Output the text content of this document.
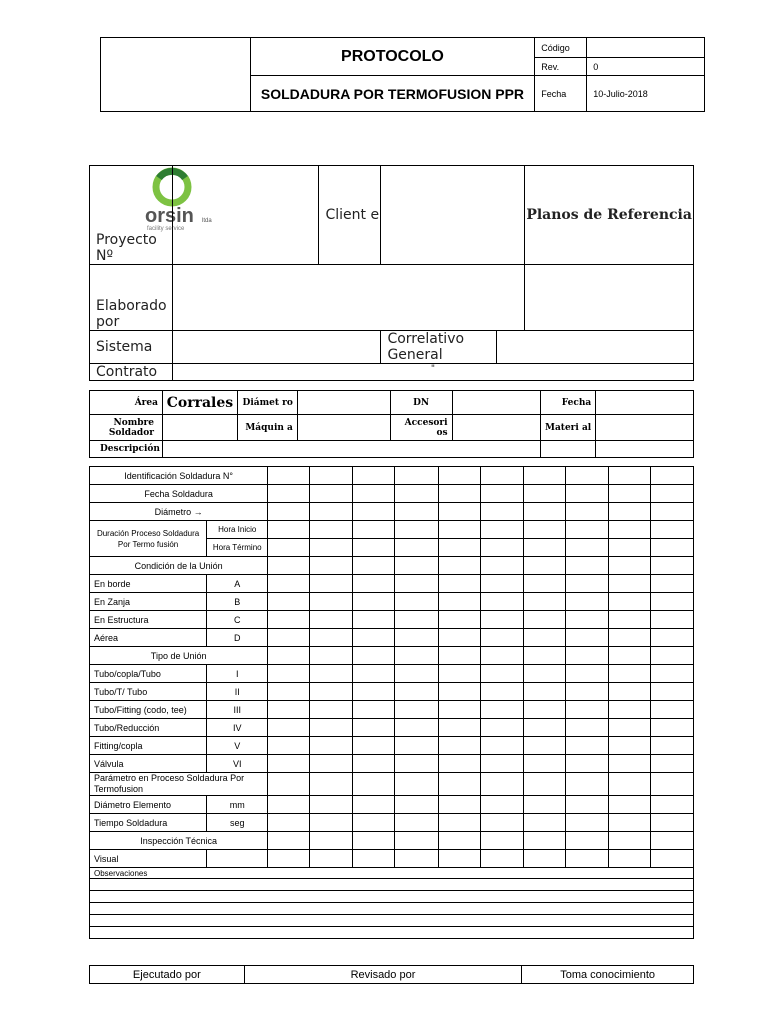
	PROTOCOLO	Código	
		Rev.	0
	SOLDADURA POR TERMOFUSION PPR	Fecha	10-Julio-2018
orsin ltda
facility service
Proyecto Nº		Client e			Planos de Referencia
Elaborado por					
Sistema			Correlativo General		
Contrato	"				
Área	Corrales	Diámet ro		DN		Fecha	
Nombre Soldador		Máquin a		Accesori os		Materi al	
Descripción							
Identificación Soldadura N°											
Fecha Soldadura											
Diámetro →											
Duración Proceso Soldadura Por Termo fusión	Hora Inicio										
	Hora Término										
Condición de la Unión											
En borde	A										
En Zanja	B										
En Estructura	C										
Aérea	D										
Tipo de Unión											
Tubo/copla/Tubo	I										
Tubo/T/ Tubo	II										
Tubo/Fitting (codo, tee)	III										
Tubo/Reducción	IV										
Fitting/copla	V										
Válvula	VI										
Parámetro en Proceso Soldadura Por Termofusion											
Diámetro Elemento	mm										
Tiempo Soldadura	seg										
Inspección Técnica											
Visual											
Observaciones											

Ejecutado por	Revisado por	Toma conocimiento
